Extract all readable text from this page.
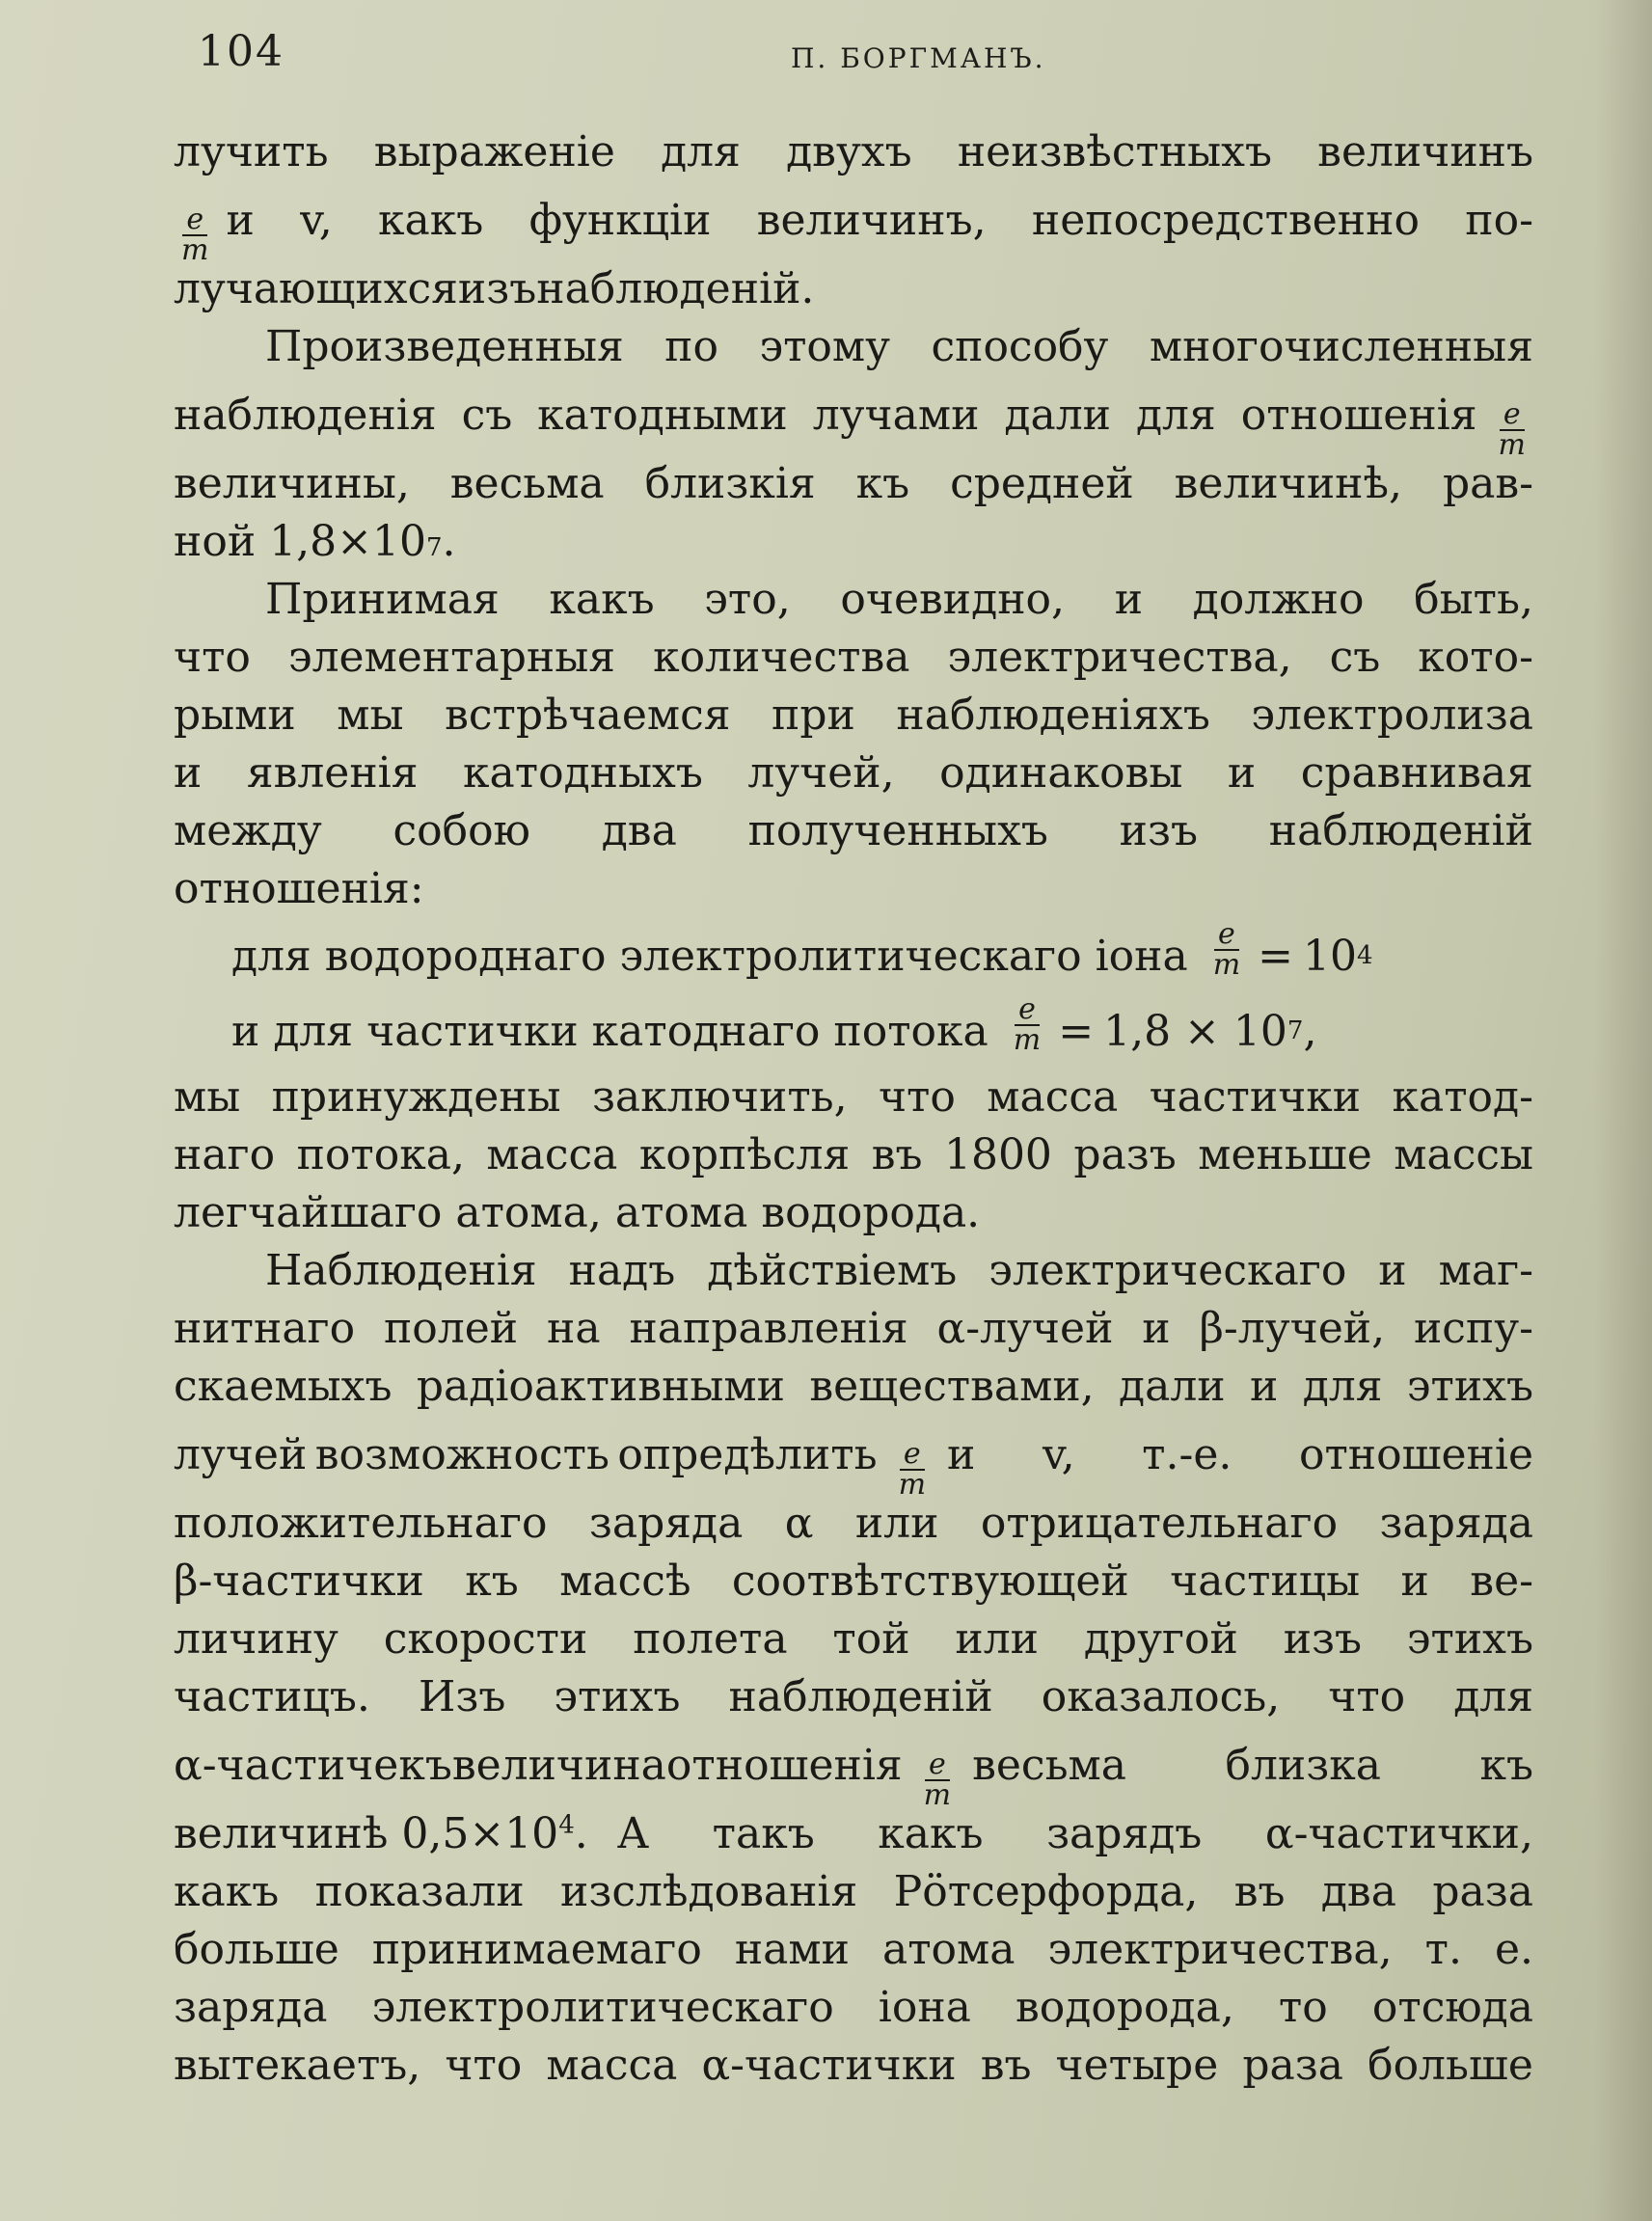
104	П. БОРГМАНЪ.
лучить выраженіе для двухъ неизвѣстныхъ величинъ
$\frac{e}{m}$ и v, какъ функціи величинъ, непосредственно по-
лучающихся изъ наблюденій.
Произведенныя по этому способу многочисленныя
наблюденія съ катодными лучами дали для отношенія $\frac{e}{m}$
величины, весьма близкія къ средней величинѣ, рав-
ной 1,8×10 7 .
Принимая какъ это, очевидно, и должно быть,
что элементарныя количества электричества, съ кото-
рыми мы встрѣчаемся при наблюденіяхъ электролиза
и явленія катодныхъ лучей, одинаковы и сравнивая
между собою два полученныхъ изъ наблюденій
отношенія:
для водороднаго электролитическаго іона $\frac{e}{m} = 10$ 4
и для частички катоднаго потока $\frac{e}{m} = 1,8 \times 10$ 7 ,
мы принуждены заключить, что масса частички катод-
наго потока, масса корпѣсля въ 1800 разъ меньше массы
легчайшаго атома, атома водорода.
Наблюденія надъ дѣйствіемъ электрическаго и маг-
нитнаго полей на направленія α-лучей и β-лучей, испу-
скаемыхъ радіоактивными веществами, дали и для этихъ
лучей возможность опредѣлить $\frac{e}{m}$ и v, т.-е. отношеніе
положительнаго заряда α или отрицательнаго заряда
β-частички къ массѣ соотвѣтствующей частицы и ве-
личину скорости полета той или другой изъ этихъ
частицъ. Изъ этихъ наблюденій оказалось, что для
α-частичекъ величина отношенія $\frac{e}{m}$ весьма близка къ
величинѣ $0,5\times 10^4$. А такъ какъ зарядъ α-частички,
какъ показали изслѣдованія Рӧтсерфорда, въ два раза
больше принимаемаго нами атома электричества, т. е.
заряда электролитическаго іона водорода, то отсюда
вытекаетъ, что масса α-частички въ четыре раза больше
